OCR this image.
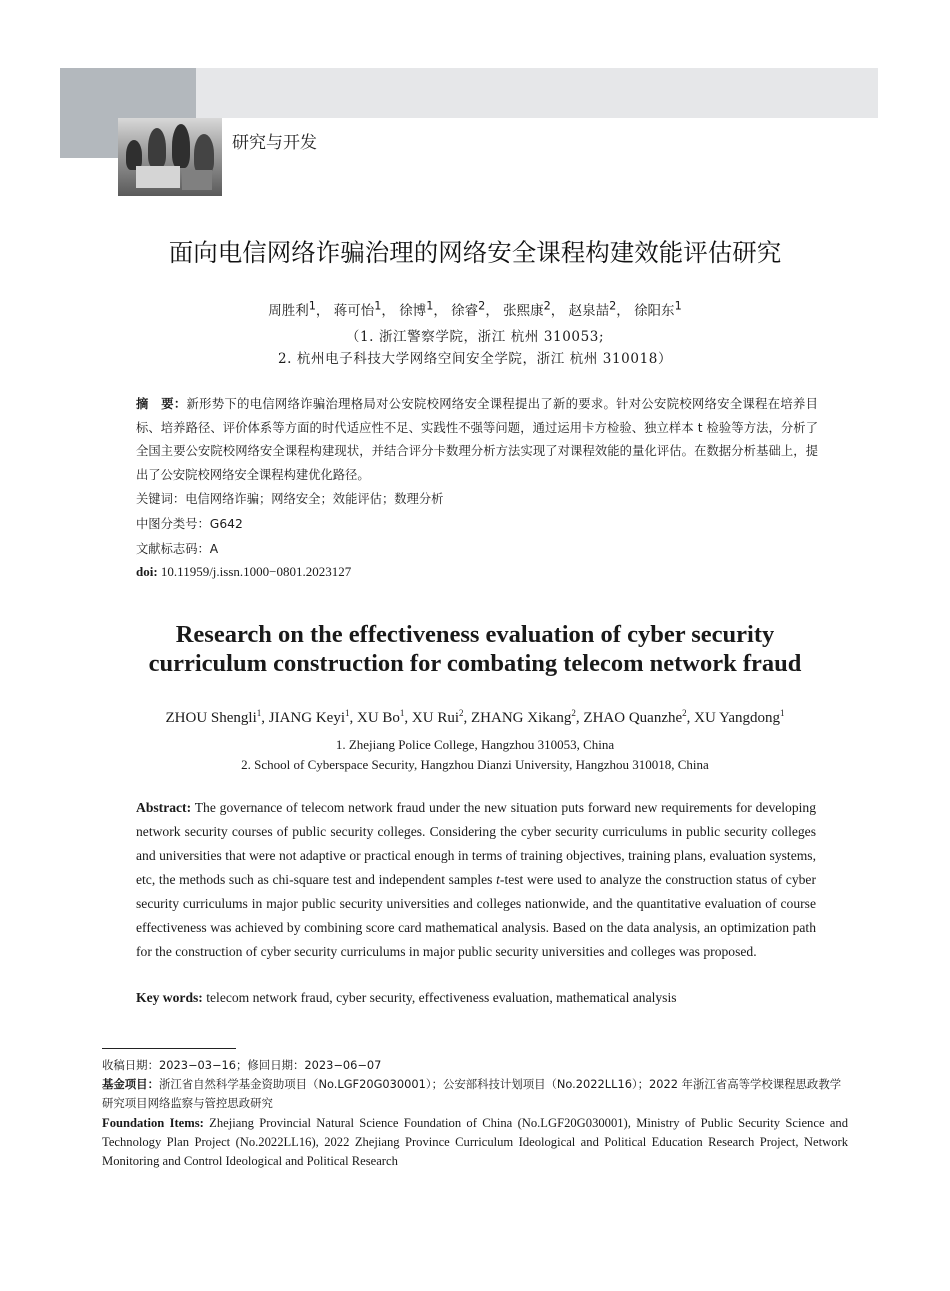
研究与开发
面向电信网络诈骗治理的网络安全课程构建效能评估研究
周胜利$^1$， 蒋可怡$^1$， 徐博$^1$， 徐睿$^2$， 张熙康$^2$， 赵泉喆$^2$， 徐阳东$^1$
（1. 浙江警察学院，浙江 杭州 310053;
2. 杭州电子科技大学网络空间安全学院，浙江 杭州 310018）
摘　要：新形势下的电信网络诈骗治理格局对公安院校网络安全课程提出了新的要求。针对公安院校网络安全课程在培养目标、培养路径、评价体系等方面的时代适应性不足、实践性不强等问题，通过运用卡方检验、独立样本 t 检验等方法，分析了全国主要公安院校网络安全课程构建现状，并结合评分卡数理分析方法实现了对课程效能的量化评估。在数据分析基础上，提出了公安院校网络安全课程构建优化路径。
关键词：电信网络诈骗；网络安全；效能评估；数理分析
中图分类号：G642
文献标志码：A
doi: 10.11959/j.issn.1000−0801.2023127
Research on the effectiveness evaluation of cyber security
curriculum construction for combating telecom network fraud
ZHOU Shengli$^1$, JIANG Keyi$^1$, XU Bo$^1$, XU Rui$^2$, ZHANG Xikang$^2$, ZHAO Quanzhe$^2$, XU Yangdong$^1$
1. Zhejiang Police College, Hangzhou 310053, China
2. School of Cyberspace Security, Hangzhou Dianzi University, Hangzhou 310018, China
Abstract: The governance of telecom network fraud under the new situation puts forward new requirements for developing network security courses of public security colleges. Considering the cyber security curriculums in public security colleges and universities that were not adaptive or practical enough in terms of training objectives, training plans, evaluation systems, etc, the methods such as chi-square test and independent samples t-test were used to analyze the construction status of cyber security curriculums in major public security universities and colleges nationwide, and the quantitative evaluation of course effectiveness was achieved by combining score card mathematical analysis. Based on the data analysis, an optimization path for the construction of cyber security curriculums in major public security universities and colleges was proposed.
Key words: telecom network fraud, cyber security, effectiveness evaluation, mathematical analysis
收稿日期：2023−03−16；修回日期：2023−06−07
基金项目：浙江省自然科学基金资助项目（No.LGF20G030001）；公安部科技计划项目（No.2022LL16）；2022 年浙江省高等学校课程思政教学研究项目网络监察与管控思政研究
Foundation Items: Zhejiang Provincial Natural Science Foundation of China (No.LGF20G030001), Ministry of Public Security Science and Technology Plan Project (No.2022LL16), 2022 Zhejiang Province Curriculum Ideological and Political Education Research Project, Network Monitoring and Control Ideological and Political Research
